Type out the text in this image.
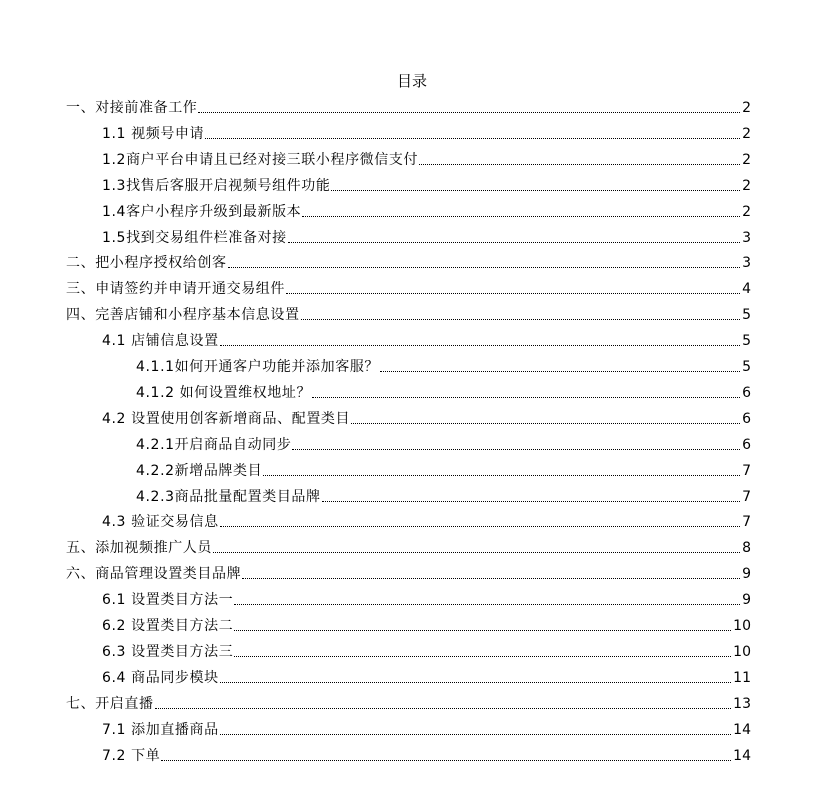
目录
一、对接前准备工作	2
1.1 视频号申请	2
1.2商户平台申请且已经对接三联小程序微信支付	2
1.3找售后客服开启视频号组件功能	2
1.4客户小程序升级到最新版本	2
1.5找到交易组件栏准备对接	3
二、把小程序授权给创客	3
三、申请签约并申请开通交易组件	4
四、完善店铺和小程序基本信息设置	5
4.1 店铺信息设置	5
4.1.1如何开通客户功能并添加客服？	5
4.1.2 如何设置维权地址？	6
4.2 设置使用创客新增商品、配置类目	6
4.2.1开启商品自动同步	6
4.2.2新增品牌类目	7
4.2.3商品批量配置类目品牌	7
4.3 验证交易信息	7
五、添加视频推广人员	8
六、商品管理设置类目品牌	9
6.1 设置类目方法一	9
6.2 设置类目方法二	10
6.3 设置类目方法三	10
6.4 商品同步模块	11
七、开启直播	13
7.1 添加直播商品	14
7.2 下单	14
